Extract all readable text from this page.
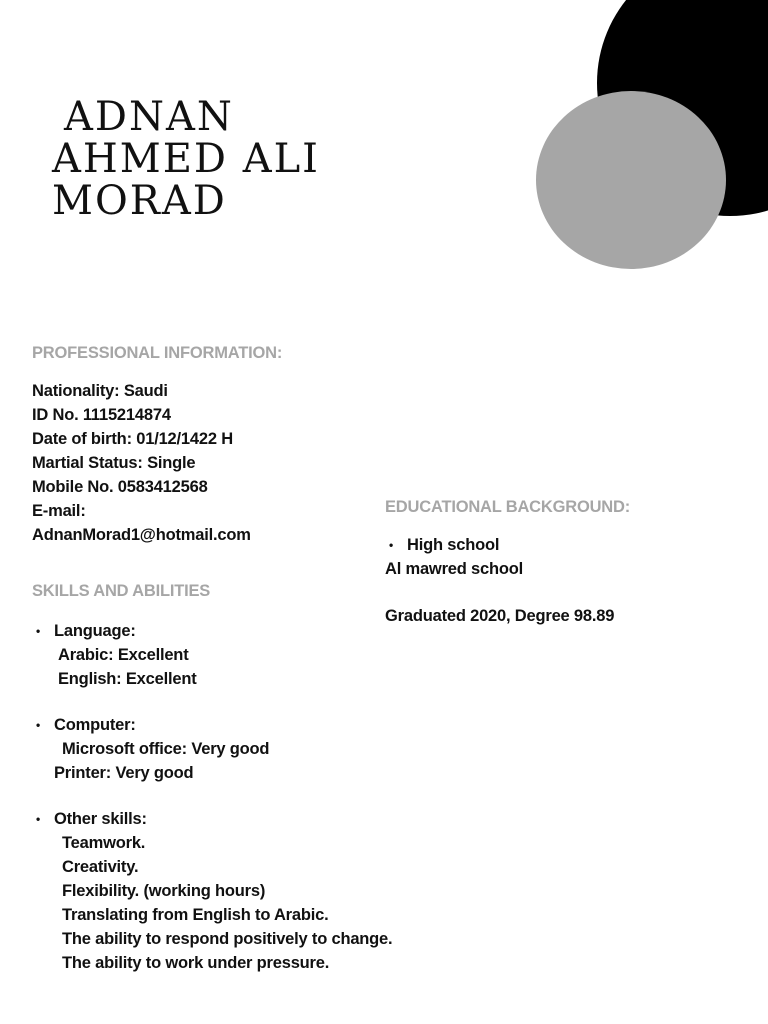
ADNAN
AHMED ALI
MORAD
PROFESSIONAL INFORMATION:
Nationality: Saudi
ID No. 1115214874
Date of birth: 01/12/1422 H
Martial Status: Single
Mobile No. 0583412568
E-mail:
AdnanMorad1@hotmail.com
SKILLS AND ABILITIES
• Language:
Arabic: Excellent
English: Excellent
• Computer:
Microsoft office: Very good
Printer: Very good
• Other skills:
Teamwork.
Creativity.
Flexibility. (working hours)
Translating from English to Arabic.
The ability to respond positively to change.
The ability to work under pressure.
EDUCATIONAL BACKGROUND:
• High school
Al mawred school
Graduated 2020, Degree 98.89
